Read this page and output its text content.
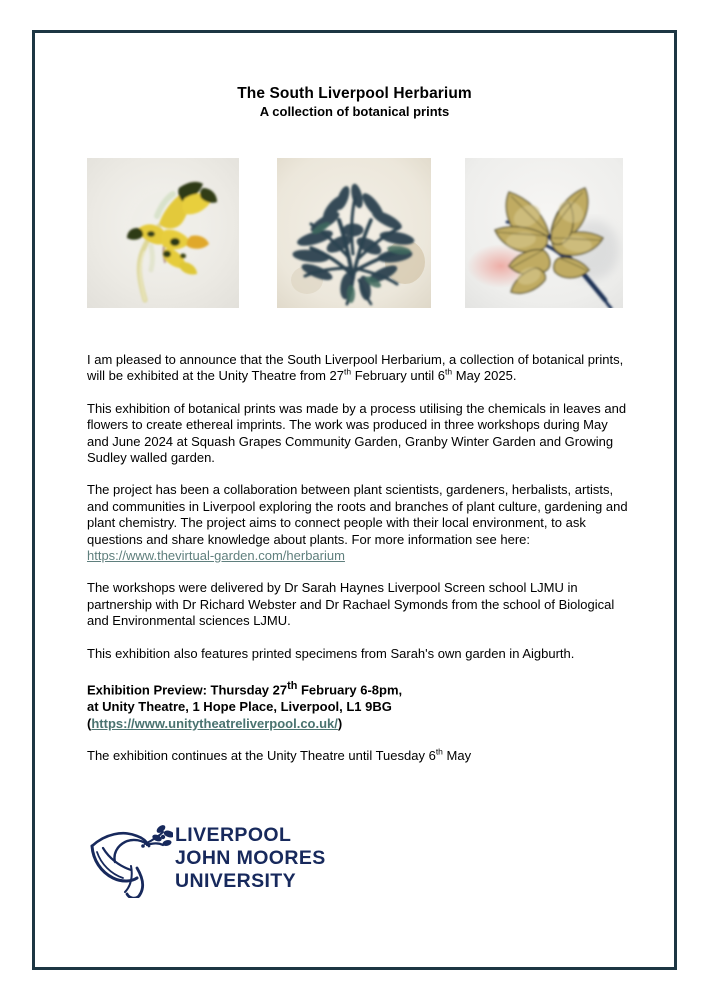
The South Liverpool Herbarium
A collection of botanical prints

I am pleased to announce that the South Liverpool Herbarium, a collection of botanical prints, will be exhibited at the Unity Theatre from 27th February until 6th May 2025.

This exhibition of botanical prints was made by a process utilising the chemicals in leaves and flowers to create ethereal imprints. The work was produced in three workshops during May and June 2024 at Squash Grapes Community Garden, Granby Winter Garden and Growing Sudley walled garden.

The project has been a collaboration between plant scientists, gardeners, herbalists, artists, and communities in Liverpool exploring the roots and branches of plant culture, gardening and plant chemistry. The project aims to connect people with their local environment, to ask questions and share knowledge about plants. For more information see here: https://www.thevirtual-garden.com/herbarium

The workshops were delivered by Dr Sarah Haynes Liverpool Screen school LJMU in partnership with Dr Richard Webster and Dr Rachael Symonds from the school of Biological and Environmental sciences LJMU.

This exhibition also features printed specimens from Sarah's own garden in Aigburth.

Exhibition Preview: Thursday 27th February 6-8pm,
at Unity Theatre, 1 Hope Place, Liverpool, L1 9BG
(https://www.unitytheatreliverpool.co.uk/)

The exhibition continues at the Unity Theatre until Tuesday 6th May

LIVERPOOL
JOHN MOORES
UNIVERSITY
